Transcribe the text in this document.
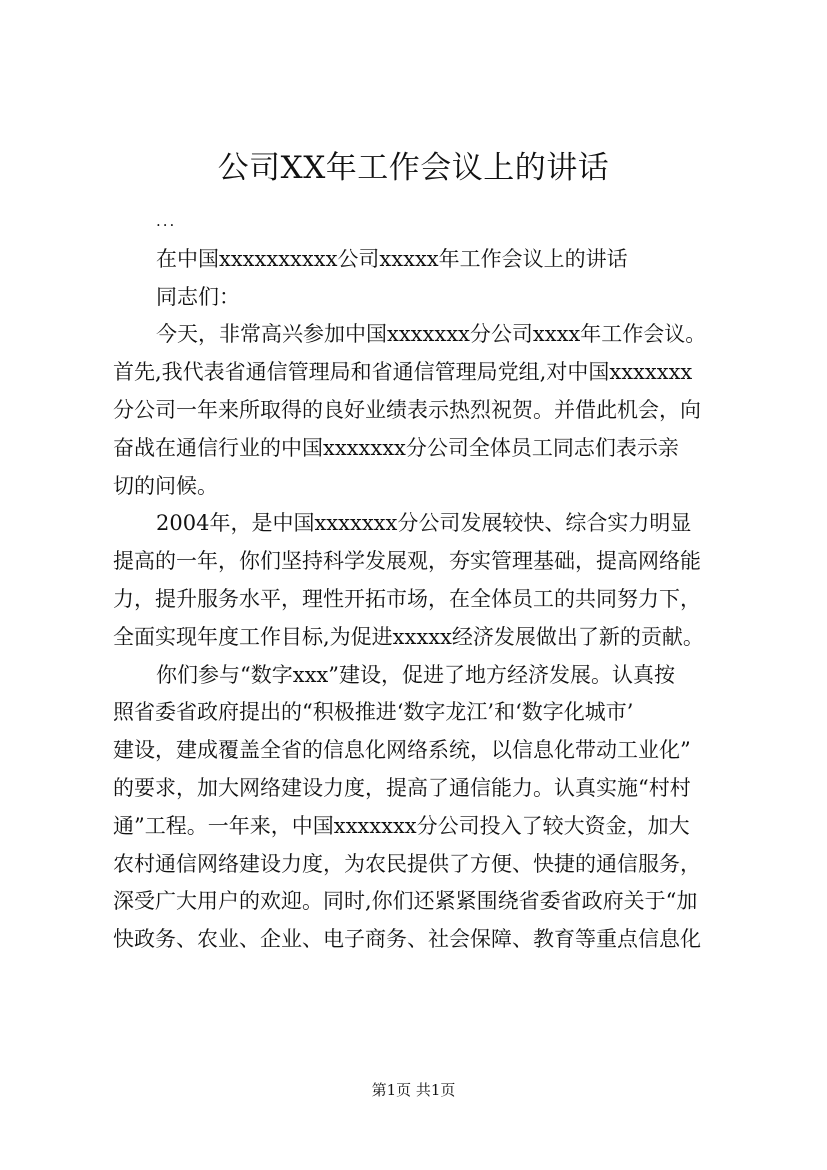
公司XX年工作会议上的讲话
...
在中国xxxxxxxxxx公司xxxxx年工作会议上的讲话
同志们：
今天，非常高兴参加中国xxxxxxx分公司xxxx年工作会议。
首先,我代表省通信管理局和省通信管理局党组,对中国xxxxxxx
分公司一年来所取得的良好业绩表示热烈祝贺。并借此机会，向
奋战在通信行业的中国xxxxxxx分公司全体员工同志们表示亲
切的问候。
2004年，是中国xxxxxxx分公司发展较快、综合实力明显
提高的一年，你们坚持科学发展观，夯实管理基础，提高网络能
力，提升服务水平，理性开拓市场，在全体员工的共同努力下，
全面实现年度工作目标,为促进xxxxx经济发展做出了新的贡献。
你们参与“数字xxx”建设，促进了地方经济发展。认真按
照省委省政府提出的“积极推进‘数字龙江’和‘数字化城市’
建设，建成覆盖全省的信息化网络系统，以信息化带动工业化”
的要求，加大网络建设力度，提高了通信能力。认真实施“村村
通”工程。一年来，中国xxxxxxx分公司投入了较大资金，加大
农村通信网络建设力度，为农民提供了方便、快捷的通信服务，
深受广大用户的欢迎。同时,你们还紧紧围绕省委省政府关于“加
快政务、农业、企业、电子商务、社会保障、教育等重点信息化
第1页 共1页
